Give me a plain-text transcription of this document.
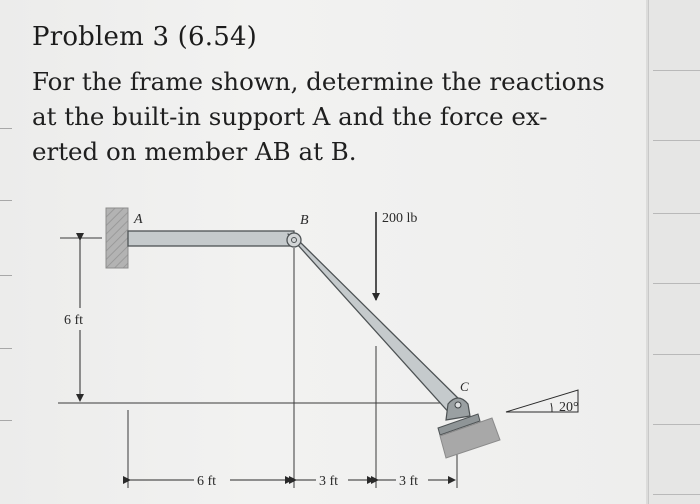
Problem 3 (6.54)

For the frame shown, determine the reactions

at the built-in support A and the force ex-

erted on member AB at B.

6 ft
6 ft	3 ft	3 ft
200 lb
A	B
C
20°
